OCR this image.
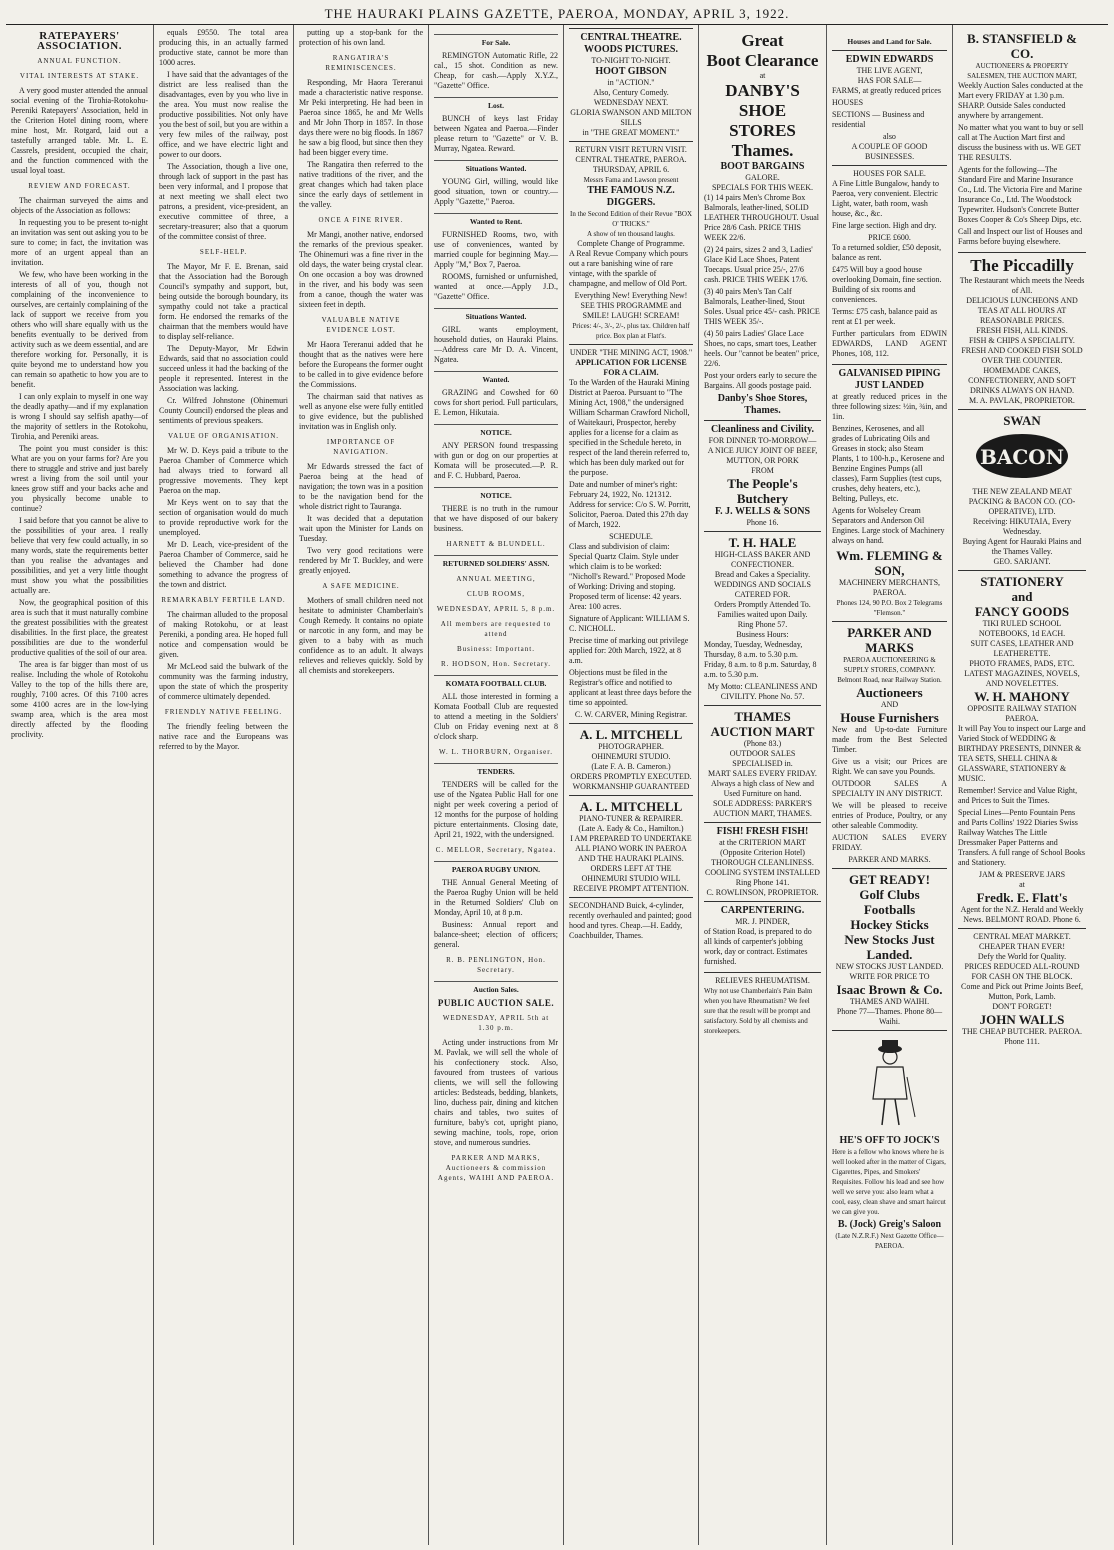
THE HAURAKI PLAINS GAZETTE, PAEROA, MONDAY, APRIL 3, 1922.
RATEPAYERS' ASSOCIATION.
ANNUAL FUNCTION.
VITAL INTERESTS AT STAKE.

A very good muster attended the annual social evening of the Tirohia-Rotokohu-Pereniki Ratepayers' Association, held in the Criterion Hotel dining room, where mine host, Mr. Rotgard, laid out a tastefully arranged table. Mr. L. E. Cassrels, president, occupied the chair, and the function commenced with the usual loyal toast.

REVIEW AND FORECAST.

The chairman surveyed the aims and objects of the Association as follows:

In requesting you to be present to-night an invitation was sent out asking you to be sure to come; in fact, the invitation was more of an urgent appeal than an invitation.

We few, who have been working in the interests of all of you, though not complaining of the inconvenience to ourselves, are certainly complaining of the lack of support we receive from you others who will share equally with us the benefits eventually to be derived from activity such as we deem essential, and are therefore working for. Personally, it is quite beyond me to understand how you can remain so apathetic to how you are to benefit.

I can only explain to myself in one way the deadly apathy—and if my explanation is wrong I should say selfish apathy—of the majority of settlers in the Rotokohu, Tirohia, and Pereniki areas.

The point you must consider is this: What are you on your farms for? Are you there to struggle and strive and just barely wrest a living from the soil until your knees grow stiff and your backs ache and you physically become unable to continue?

I said before that you cannot be alive to the possibilities of your area. I really believe that very few could actually, in so many words, state the requirements better than you realise the advantages and possibilities, and yet a very little thought must show you what the possibilities actually are.

Now, the geographical position of this area is such that it must naturally combine the greatest possibilities with the greatest disabilities. In the first place, the greatest possibilities are due to the wonderful productive qualities of the soil of our area.

The area is far bigger than most of us realise. Including the whole of Rotokohu Valley to the top of the hills there are, roughly, 7100 acres. Of this 7100 acres some 4100 acres are in the low-lying swamp area, which is the area most directly affected by the flooding proclivity.

equals £9550. The total area producing this, in an actually farmed productive state, cannot be more than 1000 acres.

I have said that the advantages of the district are less realised than the disadvantages, even by you who live in the area. You must now realise the productive possibilities. Not only have you the best of soil, but you are within a very few miles of the railway, post office, and we have electric light and power to our doors.

The Association, though a live one, through lack of support in the past has been very informal, and I propose that at next meeting we shall elect two patrons, a president, vice-president, an executive committee of three, a secretary-treasurer; also that a quorum of the committee consist of three.

SELF-HELP.

The Mayor, Mr F. E. Brenan, said that the Association had the Borough Council's sympathy and support, but, being outside the borough boundary, its sympathy could not take a practical form. He endorsed the remarks of the chairman that the members would have to display self-reliance.

The Deputy-Mayor, Mr Edwin Edwards, said that no association could succeed unless it had the backing of the people it represented. Interest in the Association was lacking.

Cr. Wilfred Johnstone (Ohinemuri County Council) endorsed the pleas and sentiments of previous speakers.

VALUE OF ORGANISATION.

Mr W. D. Keys paid a tribute to the Paeroa Chamber of Commerce which had always tried to forward all progressive movements. They kept Paeroa on the map.

Mr Keys went on to say that the section of organisation would do much to provide reproductive work for the unemployed.

Mr D. Leach, vice-president of the Paeroa Chamber of Commerce, said he believed the Chamber had done something to advance the progress of the town and district.

REMARKABLY FERTILE LAND.

The chairman alluded to the proposal of making Rotokohu, or at least Pereniki, a ponding area. He hoped full notice and compensation would be given.

Mr McLeod said the bulwark of the community was the farming industry, upon the state of which the prosperity of commerce ultimately depended.

FRIENDLY NATIVE FEELING.

The friendly feeling between the native race and the Europeans was referred to by the Mayor.

putting up a stop-bank for the protection of his own land.

RANGATIRA'S REMINISCENCES.

Responding, Mr Haora Tereranui made a characteristic native response. Mr Peki interpreting. He had been in Paeroa since 1865, he and Mr Wells and Mr John Thorp in 1857. In those days there were no big floods. In 1867 he saw a big flood, but since then they had been bigger every time.

The Rangatira then referred to the native traditions of the river, and the great changes which had taken place since the early days of settlement in the valley.

ONCE A FINE RIVER.

Mr Mangi, another native, endorsed the remarks of the previous speaker. The Ohinemuri was a fine river in the old days, the water being crystal clear. On one occasion a boy was drowned in the river, and his body was seen from a canoe, though the water was sixteen feet in depth.

VALUABLE NATIVE EVIDENCE LOST.

Mr Haora Tereranui added that he thought that as the natives were here before the Europeans the former ought to be called in to give evidence before the Commissions.

The chairman said that natives as well as anyone else were fully entitled to give evidence, but the published invitation was in English only.

IMPORTANCE OF NAVIGATION.

Mr Edwards stressed the fact of Paeroa being at the head of navigation; the town was in a position to be the navigation bend for the whole district right to Tauranga.

It was decided that a deputation wait upon the Minister for Lands on Tuesday.

Two very good recitations were rendered by Mr T. Buckley, and were greatly enjoyed.

A SAFE MEDICINE.

Mothers of small children need not hesitate to administer Chamberlain's Cough Remedy. It contains no opiate or narcotic in any form, and may be given to a baby with as much confidence as to an adult. It always relieves and relieves quickly. Sold by all chemists and storekeepers.

For Sale.

REMINGTON Automatic Rifle, 22 cal., 15 shot. Condition as new. Cheap, for cash.—Apply X.Y.Z., "Gazette" Office.

Lost.

BUNCH of keys last Friday between Ngatea and Paeroa.—Finder please return to "Gazette" or V. B. Murray, Ngatea. Reward.

Situations Wanted.

YOUNG Girl, willing, would like good situation, town or country.—Apply "Gazette," Paeroa.

Wanted to Rent.

FURNISHED Rooms, two, with use of conveniences, wanted by married couple for beginning May.—Apply "M," Box 7, Paeroa.

ROOMS, furnished or unfurnished, wanted at once.—Apply J.D., "Gazette" Office.

Situations Wanted.

GIRL wants employment, household duties, on Hauraki Plains.—Address care Mr D. A. Vincent, Ngatea.

Wanted.

GRAZING and Cowshed for 60 cows for short period. Full particulars, E. Lemon, Hikutaia.

NOTICE.

ANY PERSON found trespassing with gun or dog on our properties at Komata will be prosecuted.—P. R. and F. C. Hubbard, Paeroa.

NOTICE.

THERE is no truth in the rumour that we have disposed of our bakery business.

HARNETT & BLUNDELL.
RETURNED SOLDIERS' ASSN.
ANNUAL MEETING,
CLUB ROOMS,
WEDNESDAY, APRIL 5, 8 p.m.
All members are requested to attend
Business: Important.
R. HODSON, Hon. Secretary.
KOMATA FOOTBALL CLUB.

ALL those interested in forming a Komata Football Club are requested to attend a meeting in the Soldiers' Club on Friday evening next at 8 o'clock sharp.

W. L. THORBURN, Organiser.
TENDERS.

TENDERS will be called for the use of the Ngatea Public Hall for one night per week covering a period of 12 months for the purpose of holding picture entertainments. Closing date, April 21, 1922, with the undersigned.

C. MELLOR, Secretary, Ngatea.
PAEROA RUGBY UNION.

THE Annual General Meeting of the Paeroa Rugby Union will be held in the Returned Soldiers' Club on Monday, April 10, at 8 p.m.

Business: Annual report and balance-sheet; election of officers; general.

R. B. PENLINGTON, Hon. Secretary.
Auction Sales.
PUBLIC AUCTION SALE.
WEDNESDAY, APRIL 5th at 1.30 p.m.

Acting under instructions from Mr M. Pavlak, we will sell the whole of his confectionery stock. Also, favoured from trustees of various clients, we will sell the following articles: Bedsteads, bedding, blankets, lino, duchess pair, dining and kitchen chairs and tables, two suites of furniture, baby's cot, upright piano, sewing machine, tools, rope, orion stove, and numerous sundries.

PARKER AND MARKS, Auctioneers & commission Agents, WAIHI AND PAEROA.
CENTRAL THEATRE.
WOODS PICTURES.
TO-NIGHT TO-NIGHT.
HOOT GIBSON
in "ACTION."
Also, Century Comedy.
WEDNESDAY NEXT.
GLORIA SWANSON AND MILTON SILLS
in "THE GREAT MOMENT."
RETURN VISIT RETURN VISIT.
CENTRAL THEATRE, PAEROA.
THURSDAY, APRIL 6.
Messrs Fama and Lawson present
THE FAMOUS N.Z. DIGGERS.
In the Second Edition of their Revue "BOX O' TRICKS."
A show of ten thousand laughs.
Complete Change of Programme.

A Real Revue Company which pours out a rare banishing wine of rare vintage, with the sparkle of champagne, and mellow of Old Port.

Everything New! Everything New!
SEE THIS PROGRAMME and SMILE! LAUGH! SCREAM!
Prices: 4/-, 3/-, 2/-, plus tax. Children half price. Box plan at Flatt's.
UNDER "THE MINING ACT, 1908."
APPLICATION FOR LICENSE FOR A CLAIM.

To the Warden of the Hauraki Mining District at Paeroa. Pursuant to "The Mining Act, 1908," the undersigned William Scharman Crawford Nicholl, of Waitekauri, Prospector, hereby applies for a license for a claim as specified in the Schedule hereto, in respect of the land therein referred to, which has been duly marked out for the purpose.

Date and number of miner's right: February 24, 1922, No. 121312. Address for service: C/o S. W. Porritt, Solicitor, Paeroa. Dated this 27th day of March, 1922.

SCHEDULE.

Class and subdivision of claim: Special Quartz Claim. Style under which claim is to be worked: "Nicholl's Reward." Proposed Mode of Working: Driving and stoping. Proposed term of license: 42 years. Area: 100 acres.

Signature of Applicant: WILLIAM S. C. NICHOLL.

Precise time of marking out privilege applied for: 20th March, 1922, at 8 a.m.

Objections must be filed in the Registrar's office and notified to applicant at least three days before the time so appointed.

C. W. CARVER, Mining Registrar.
A. L. MITCHELL
PHOTOGRAPHER.
OHINEMURI STUDIO.
(Late F. A. B. Cameron.)
ORDERS PROMPTLY EXECUTED.
WORKMANSHIP GUARANTEED
A. L. MITCHELL
PIANO-TUNER & REPAIRER.
(Late A. Eady & Co., Hamilton.)
I AM PREPARED TO UNDERTAKE ALL PIANO WORK IN PAEROA AND THE HAURAKI PLAINS.
ORDERS LEFT AT THE OHINEMURI STUDIO WILL RECEIVE PROMPT ATTENTION.

SECONDHAND Buick, 4-cylinder, recently overhauled and painted; good hood and tyres. Cheap.—H. Eaddy, Coachbuilder, Thames.

Great
Boot Clearance
at
DANBY'S
SHOE
STORES
Thames.
BOOT BARGAINS
GALORE.
SPECIALS FOR THIS WEEK.

(1) 14 pairs Men's Chrome Box Balmorals, leather-lined, SOLID LEATHER THROUGHOUT. Usual Price 28/6 Cash. PRICE THIS WEEK 22/6.

(2) 24 pairs, sizes 2 and 3, Ladies' Glace Kid Lace Shoes, Patent Toecaps. Usual price 25/-, 27/6 cash. PRICE THIS WEEK 17/6.

(3) 40 pairs Men's Tan Calf Balmorals, Leather-lined, Stout Soles. Usual price 45/- cash. PRICE THIS WEEK 35/-.

(4) 50 pairs Ladies' Glace Lace Shoes, no caps, smart toes, Leather heels. Our "cannot be beaten" price, 22/6.

Post your orders early to secure the Bargains. All goods postage paid.

Danby's Shoe Stores, Thames.
Cleanliness and Civility.
FOR DINNER TO-MORROW—
A NICE JUICY JOINT OF BEEF, MUTTON, OR PORK
FROM
The People's Butchery
F. J. WELLS & SONS
Phone 16.
T. H. HALE
HIGH-CLASS BAKER AND CONFECTIONER.
Bread and Cakes a Speciality.
WEDDINGS AND SOCIALS CATERED FOR.
Orders Promptly Attended To.
Families waited upon Daily.
Ring Phone 57.
Business Hours:

Monday, Tuesday, Wednesday, Thursday, 8 a.m. to 5.30 p.m. Friday, 8 a.m. to 8 p.m. Saturday, 8 a.m. to 5.30 p.m.

My Motto: CLEANLINESS AND CIVILITY. Phone No. 57.
THAMES AUCTION MART
(Phone 83.)
OUTDOOR SALES SPECIALISED in.
MART SALES EVERY FRIDAY.
Always a high class of New and Used Furniture on hand.
SOLE ADDRESS: PARKER'S AUCTION MART, THAMES.
FISH! FRESH FISH!
at the CRITERION MART (Opposite Criterion Hotel)
THOROUGH CLEANLINESS.
COOLING SYSTEM INSTALLED
Ring Phone 141.
C. ROWLINSON, PROPRIETOR.
CARPENTERING.
MR. J. PINDER,

of Station Road, is prepared to do all kinds of carpenter's jobbing work, day or contract. Estimates furnished.

RELIEVES RHEUMATISM.

Why not use Chamberlain's Pain Balm when you have Rheumatism? We feel sure that the result will be prompt and satisfactory. Sold by all chemists and storekeepers.

Houses and Land for Sale.
EDWIN EDWARDS
THE LIVE AGENT,
HAS FOR SALE—

FARMS, at greatly reduced prices

HOUSES

SECTIONS — Business and residential

also
A COUPLE OF GOOD BUSINESSES.
HOUSES FOR SALE.

A Fine Little Bungalow, handy to Paeroa, very convenient. Electric Light, water, bath room, wash house, &c., &c.

Fine large section. High and dry.

PRICE £600.

To a returned soldier, £50 deposit, balance as rent.

£475 Will buy a good house overlooking Domain, fine section. Building of six rooms and conveniences.

Terms: £75 cash, balance paid as rent at £1 per week.

Further particulars from EDWIN EDWARDS, LAND AGENT Phones, 108, 112.

GALVANISED PIPING JUST LANDED

at greatly reduced prices in the three following sizes: ½in, ¾in, and 1in.

Benzines, Kerosenes, and all grades of Lubricating Oils and Greases in stock; also Steam Plants, 1 to 100-h.p., Kerosene and Benzine Engines Pumps (all classes), Farm Supplies (test cups, crushes, dehy heaters, etc.), Belting, Pulleys, etc.

Agents for Wolseley Cream Separators and Anderson Oil Engines. Large stock of Machinery always on hand.

Wm. FLEMING & SON,
MACHINERY MERCHANTS, PAEROA.
Phones 124, 90 P.O. Box 2 Telegrams "Flemson."
PARKER AND MARKS
PAEROA AUCTIONEERING & SUPPLY STORES, COMPANY. Belmont Road, near Railway Station.
Auctioneers
AND
House Furnishers

New and Up-to-date Furniture made from the Best Selected Timber.

Give us a visit; our Prices are Right. We can save you Pounds.

OUTDOOR SALES A SPECIALTY IN ANY DISTRICT.

We will be pleased to receive entries of Produce, Poultry, or any other saleable Commodity.

AUCTION SALES EVERY FRIDAY.

PARKER AND MARKS.
GET READY!
Golf Clubs
Footballs
Hockey Sticks
New Stocks Just Landed.
NEW STOCKS JUST LANDED.
WRITE FOR PRICE TO
Isaac Brown & Co.
THAMES AND WAIHI.
Phone 77—Thames. Phone 80—Waihi.
HE'S OFF TO JOCK'S

Here is a fellow who knows where he is well looked after in the matter of Cigars, Cigarettes, Pipes, and Smokers' Requisites. Follow his lead and see how well we serve you: also learn what a cool, easy, clean shave and smart haircut we can give you.

B. (Jock) Greig's Saloon
(Late N.Z.R.F.) Next Gazette Office—PAEROA.
B. STANSFIELD & CO.
AUCTIONEERS & PROPERTY SALESMEN, THE AUCTION MART,

Weekly Auction Sales conducted at the Mart every FRIDAY at 1.30 p.m. SHARP. Outside Sales conducted anywhere by arrangement.

No matter what you want to buy or sell call at The Auction Mart first and discuss the business with us. WE GET THE RESULTS.

Agents for the following—The Standard Fire and Marine Insurance Co., Ltd. The Victoria Fire and Marine Insurance Co., Ltd. The Woodstock Typewriter. Hudson's Concrete Butter Boxes Cooper & Co's Sheep Dips, etc.

Call and Inspect our list of Houses and Farms before buying elsewhere.

The Piccadilly
The Restaurant which meets the Needs of All.
DELICIOUS LUNCHEONS AND TEAS AT ALL HOURS AT REASONABLE PRICES.
FRESH FISH, ALL KINDS.
FISH & CHIPS A SPECIALITY.
FRESH AND COOKED FISH SOLD OVER THE COUNTER.
HOMEMADE CAKES, CONFECTIONERY, AND SOFT DRINKS ALWAYS ON HAND.
M. A. PAVLAK, PROPRIETOR.
SWAN
BACON
THE NEW ZEALAND MEAT PACKING & BACON CO. (CO-OPERATIVE), LTD.
Receiving: HIKUTAIA, Every Wednesday.
Buying Agent for Hauraki Plains and the Thames Valley.
GEO. SARJANT.
STATIONERY
and
FANCY GOODS
TIKI RULED SCHOOL NOTEBOOKS, 1d EACH.
SUIT CASES, LEATHER AND LEATHERETTE.
PHOTO FRAMES, PADS, ETC.
LATEST MAGAZINES, NOVELS, AND NOVELETTES.
W. H. MAHONY
OPPOSITE RAILWAY STATION PAEROA.

It will Pay You to inspect our Large and Varied Stock of WEDDING & BIRTHDAY PRESENTS, DINNER & TEA SETS, SHELL CHINA & GLASSWARE, STATIONERY & MUSIC.

Remember! Service and Value Right, and Prices to Suit the Times.

Special Lines—Pento Fountain Pens and Parts Collins' 1922 Diaries Swiss Railway Watches The Little Dressmaker Paper Patterns and Transfers. A full range of School Books and Stationery.

JAM & PRESERVE JARS
at
Fredk. E. Flatt's
Agent for the N.Z. Herald and Weekly News. BELMONT ROAD. Phone 6.
CENTRAL MEAT MARKET.
CHEAPER THAN EVER!
Defy the World for Quality.
PRICES REDUCED ALL-ROUND FOR CASH ON THE BLOCK.
Come and Pick out Prime Joints Beef, Mutton, Pork, Lamb.
DON'T FORGET!
JOHN WALLS
THE CHEAP BUTCHER. PAEROA.
Phone 111.
